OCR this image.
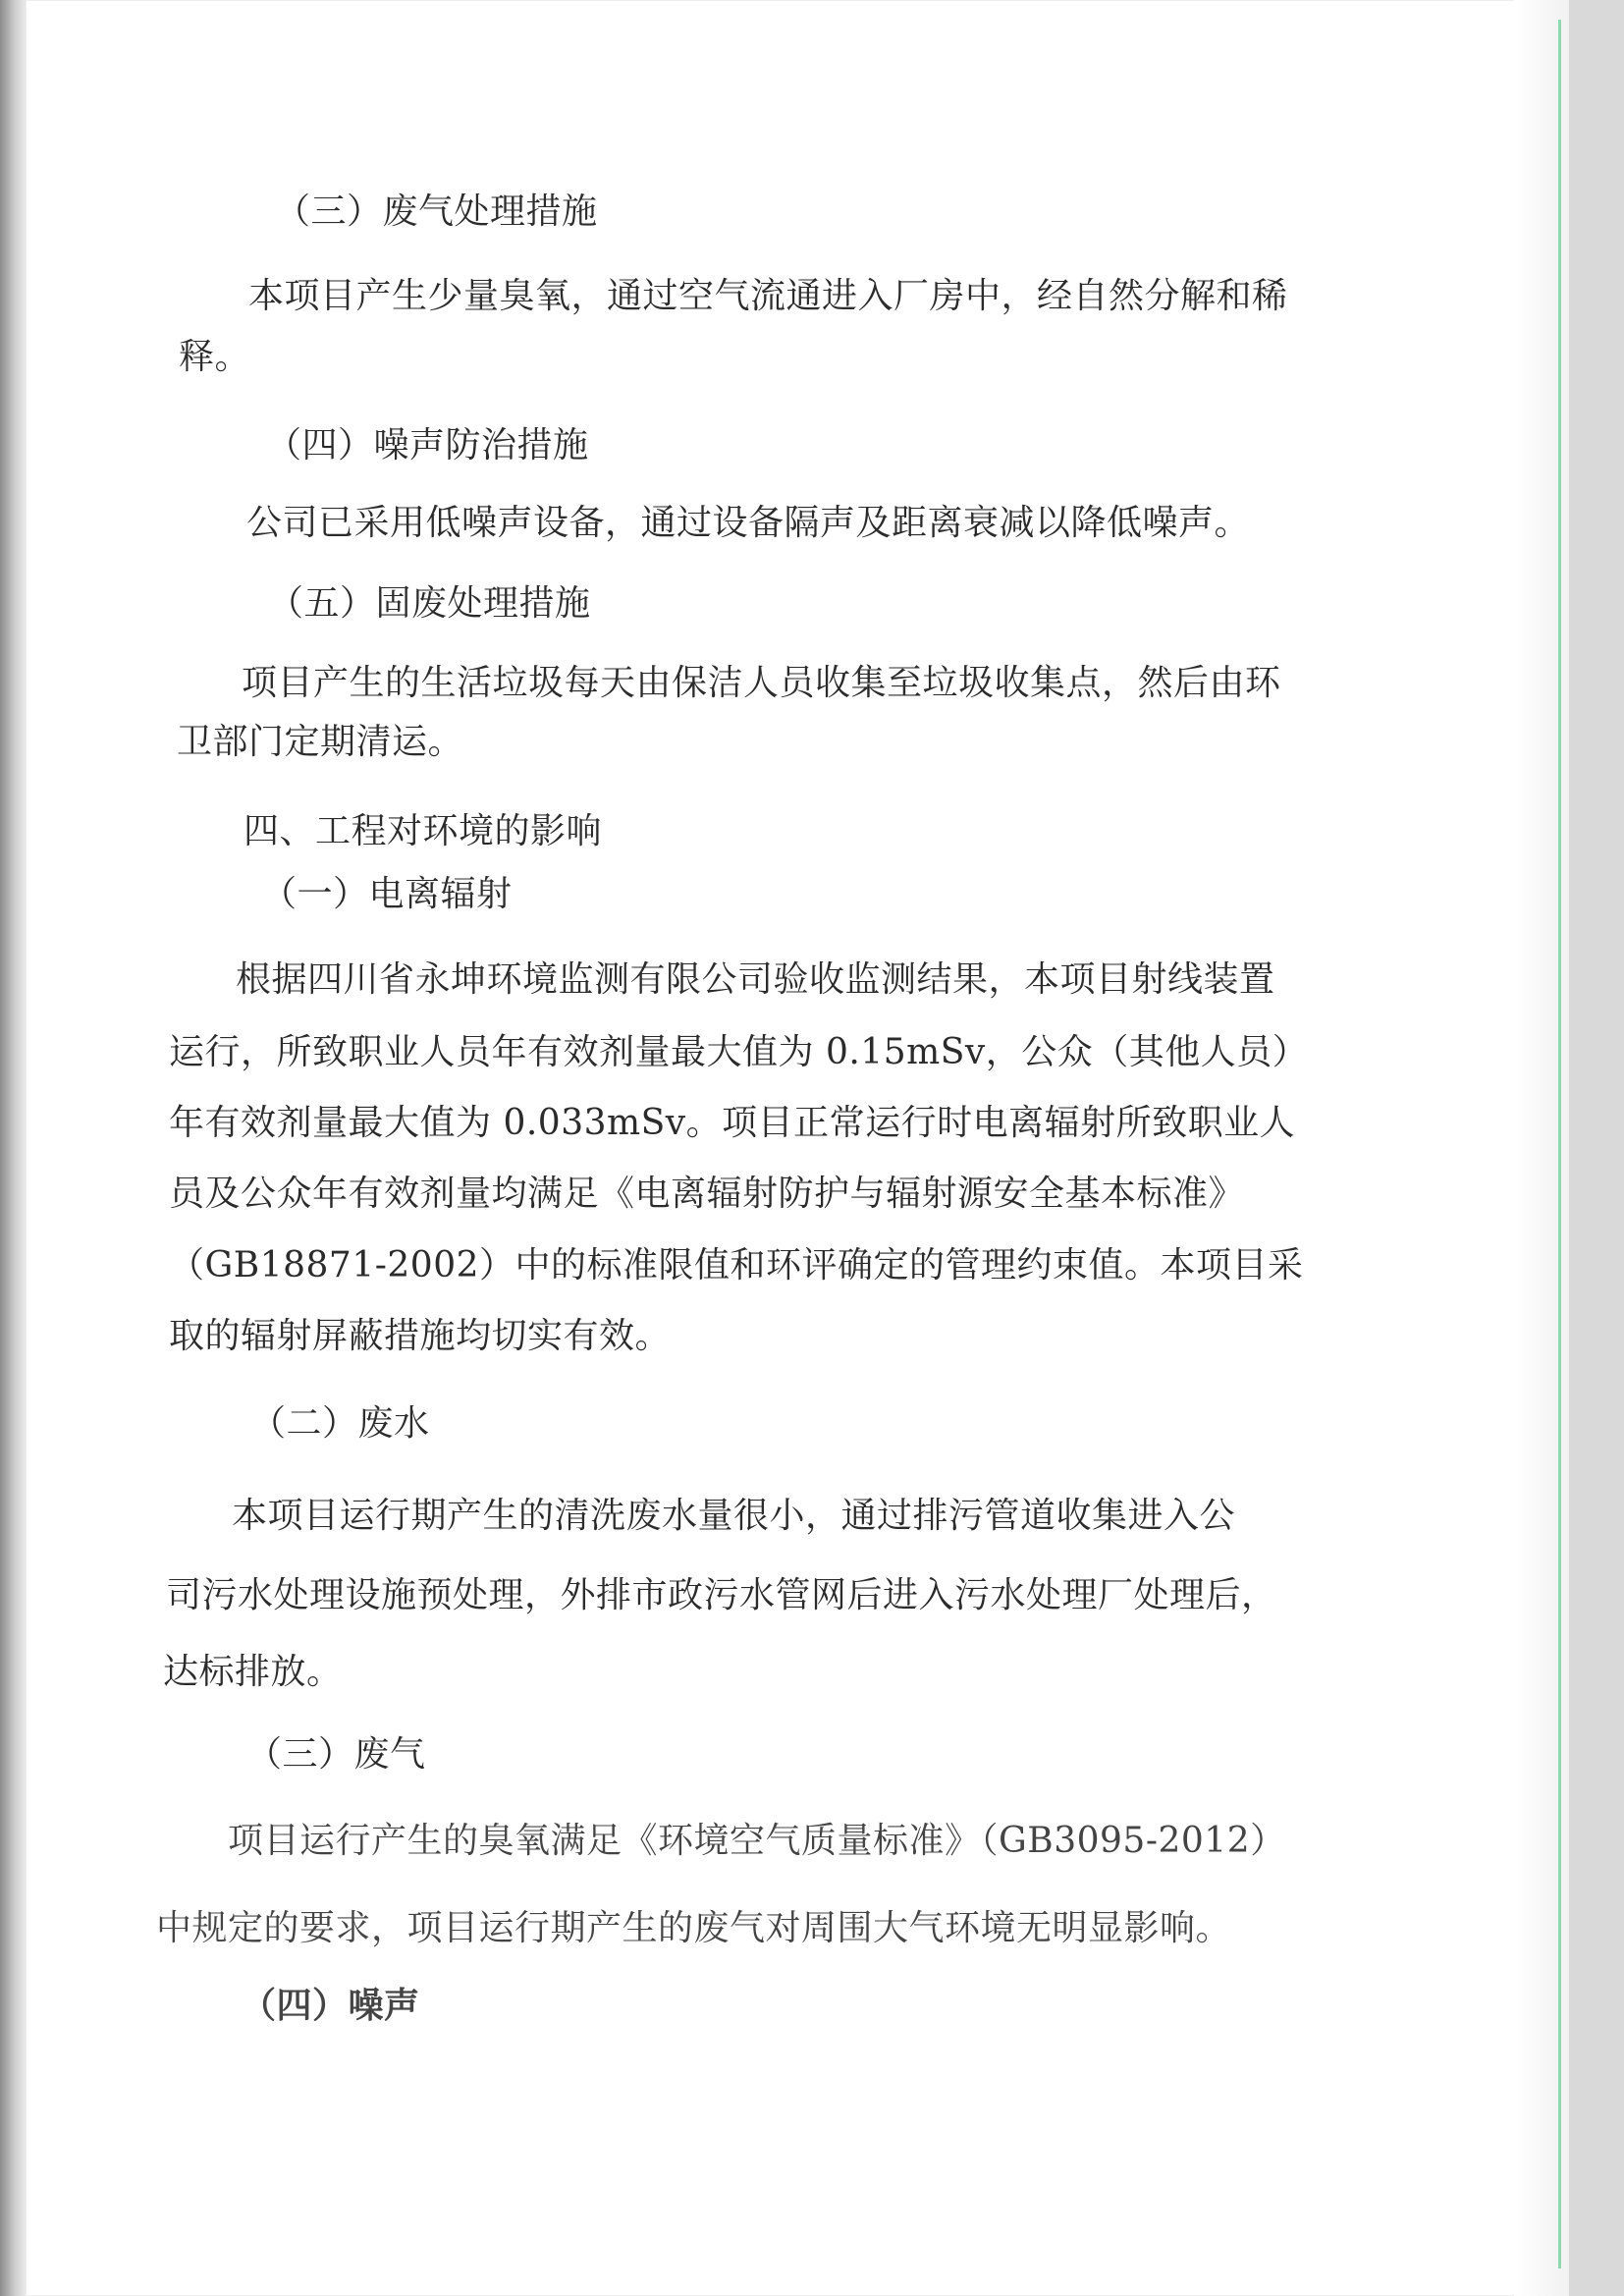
（三）废气处理措施
本项目产生少量臭氧，通过空气流通进入厂房中，经自然分解和稀
释。
（四）噪声防治措施
公司已采用低噪声设备，通过设备隔声及距离衰减以降低噪声。
（五）固废处理措施
项目产生的生活垃圾每天由保洁人员收集至垃圾收集点，然后由环
卫部门定期清运。
四、工程对环境的影响
（一）电离辐射
根据四川省永坤环境监测有限公司验收监测结果，本项目射线装置
运行，所致职业人员年有效剂量最大值为 0.15mSv，公众（其他人员）
年有效剂量最大值为 0.033mSv。项目正常运行时电离辐射所致职业人
员及公众年有效剂量均满足《电离辐射防护与辐射源安全基本标准》
（GB18871-2002）中的标准限值和环评确定的管理约束值。本项目采
取的辐射屏蔽措施均切实有效。
（二）废水
本项目运行期产生的清洗废水量很小，通过排污管道收集进入公
司污水处理设施预处理，外排市政污水管网后进入污水处理厂处理后，
达标排放。
（三）废气
项目运行产生的臭氧满足《环境空气质量标准》（GB3095-2012）
中规定的要求，项目运行期产生的废气对周围大气环境无明显影响。
（四）噪声
